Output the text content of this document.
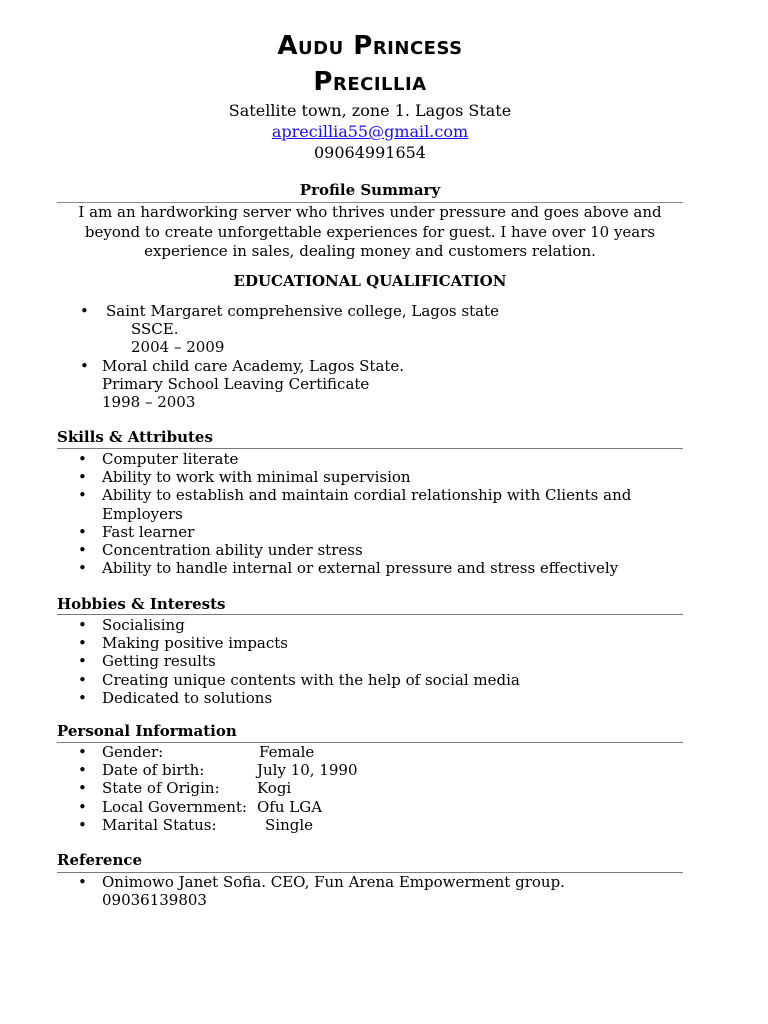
Audu Princess
Precillia
Satellite town, zone 1. Lagos State
aprecillia55@gmail.com
09064991654
Profile Summary
I am an hardworking server who thrives under pressure and goes above and beyond to create unforgettable experiences for guest. I have over 10 years experience in sales, dealing money and customers relation.
EDUCATIONAL QUALIFICATION
• Saint Margaret comprehensive college, Lagos state
SSCE.
2004 – 2009
• Moral child care Academy, Lagos State.
Primary School Leaving Certificate
1998 – 2003
Skills & Attributes
• Computer literate
• Ability to work with minimal supervision
• Ability to establish and maintain cordial relationship with Clients and Employers
• Fast learner
• Concentration ability under stress
• Ability to handle internal or external pressure and stress effectively
Hobbies & Interests
• Socialising
• Making positive impacts
• Getting results
• Creating unique contents with the help of social media
• Dedicated to solutions
Personal Information
• Gender:	Female
• Date of birth:	July 10, 1990
• State of Origin: Kogi
• Local Government: Ofu LGA
• Marital Status:	Single
Reference
• Onimowo Janet Sofia. CEO, Fun Arena Empowerment group. 09036139803
